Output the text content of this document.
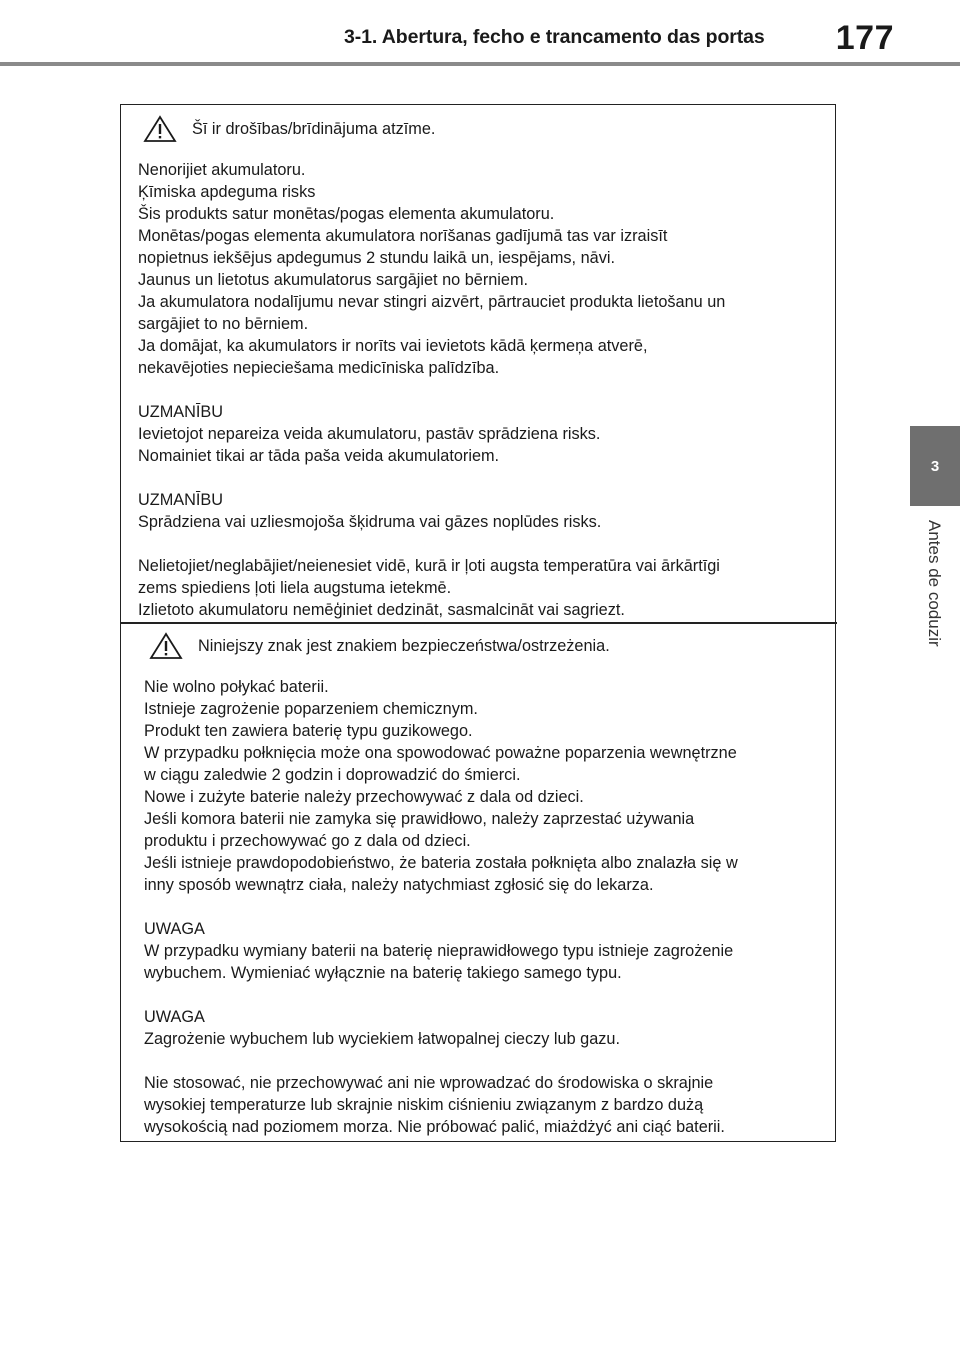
3-1. Abertura, fecho e trancamento das portas 177
3
Antes de coduzir
Šī ir drošības/brīdinājuma atzīme.
Nenorijiet akumulatoru.
Ķīmiska apdeguma risks
Šis produkts satur monētas/pogas elementa akumulatoru.
Monētas/pogas elementa akumulatora norīšanas gadījumā tas var izraisīt
nopietnus iekšējus apdegumus 2 stundu laikā un, iespējams, nāvi.
Jaunus un lietotus akumulatorus sargājiet no bērniem.
Ja akumulatora nodalījumu nevar stingri aizvērt, pārtrauciet produkta lietošanu un
sargājiet to no bērniem.
Ja domājat, ka akumulators ir norīts vai ievietots kādā ķermeņa atverē,
nekavējoties nepieciešama medicīniska palīdzība.
UZMANĪBU
Ievietojot nepareiza veida akumulatoru, pastāv sprādziena risks.
Nomainiet tikai ar tāda paša veida akumulatoriem.
UZMANĪBU
Sprādziena vai uzliesmojoša šķidruma vai gāzes noplūdes risks.
Nelietojiet/neglabājiet/neienesiet vidē, kurā ir ļoti augsta temperatūra vai ārkārtīgi
zems spiediens ļoti liela augstuma ietekmē.
Izlietoto akumulatoru nemēģiniet dedzināt, sasmalcināt vai sagriezt.
Niniejszy znak jest znakiem bezpieczeństwa/ostrzeżenia.
Nie wolno połykać baterii.
Istnieje zagrożenie poparzeniem chemicznym.
Produkt ten zawiera baterię typu guzikowego.
W przypadku połknięcia może ona spowodować poważne poparzenia wewnętrzne
w ciągu zaledwie 2 godzin i doprowadzić do śmierci.
Nowe i zużyte baterie należy przechowywać z dala od dzieci.
Jeśli komora baterii nie zamyka się prawidłowo, należy zaprzestać używania
produktu i przechowywać go z dala od dzieci.
Jeśli istnieje prawdopodobieństwo, że bateria została połknięta albo znalazła się w
inny sposób wewnątrz ciała, należy natychmiast zgłosić się do lekarza.
UWAGA
W przypadku wymiany baterii na baterię nieprawidłowego typu istnieje zagrożenie
wybuchem. Wymieniać wyłącznie na baterię takiego samego typu.
UWAGA
Zagrożenie wybuchem lub wyciekiem łatwopalnej cieczy lub gazu.
Nie stosować, nie przechowywać ani nie wprowadzać do środowiska o skrajnie
wysokiej temperaturze lub skrajnie niskim ciśnieniu związanym z bardzo dużą
wysokością nad poziomem morza. Nie próbować palić, miażdżyć ani ciąć baterii.
